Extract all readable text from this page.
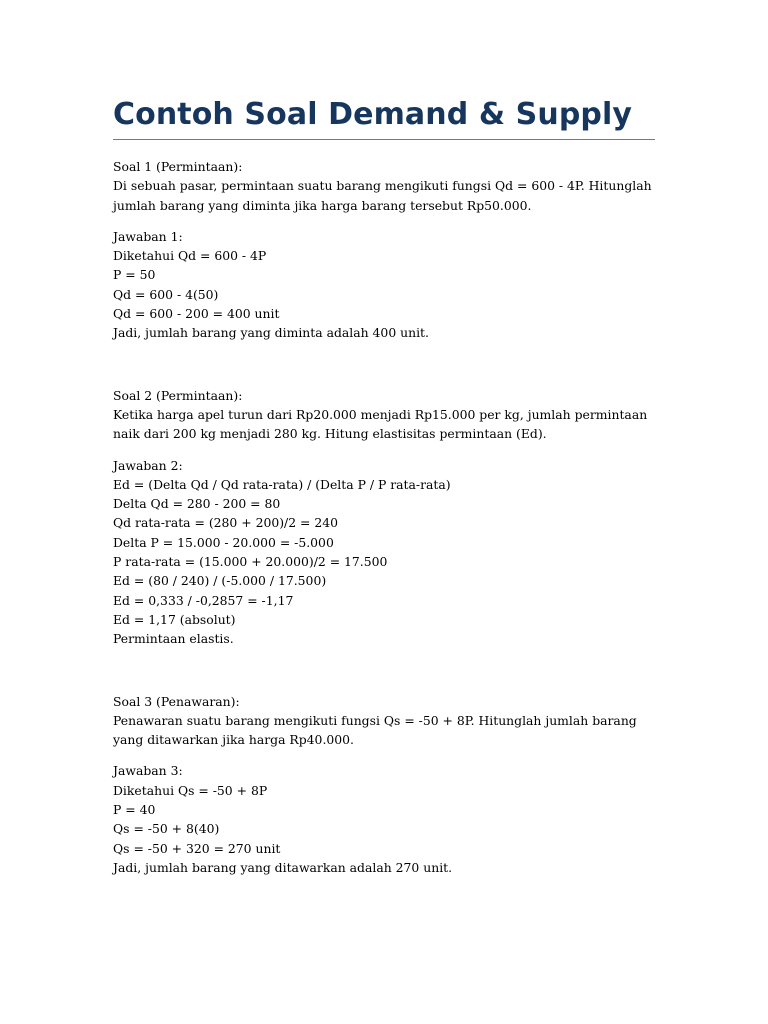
Contoh Soal Demand & Supply
Soal 1 (Permintaan):
Di sebuah pasar, permintaan suatu barang mengikuti fungsi Qd = 600 - 4P. Hitunglah jumlah barang yang diminta jika harga barang tersebut Rp50.000.
Jawaban 1:
Diketahui Qd = 600 - 4P
P = 50
Qd = 600 - 4(50)
Qd = 600 - 200 = 400 unit
Jadi, jumlah barang yang diminta adalah 400 unit.
Soal 2 (Permintaan):
Ketika harga apel turun dari Rp20.000 menjadi Rp15.000 per kg, jumlah permintaan naik dari 200 kg menjadi 280 kg. Hitung elastisitas permintaan (Ed).
Jawaban 2:
Ed = (Delta Qd / Qd rata-rata) / (Delta P / P rata-rata)
Delta Qd = 280 - 200 = 80
Qd rata-rata = (280 + 200)/2 = 240
Delta P = 15.000 - 20.000 = -5.000
P rata-rata = (15.000 + 20.000)/2 = 17.500
Ed = (80 / 240) / (-5.000 / 17.500)
Ed = 0,333 / -0,2857 = -1,17
Ed = 1,17 (absolut)
Permintaan elastis.
Soal 3 (Penawaran):
Penawaran suatu barang mengikuti fungsi Qs = -50 + 8P. Hitunglah jumlah barang yang ditawarkan jika harga Rp40.000.
Jawaban 3:
Diketahui Qs = -50 + 8P
P = 40
Qs = -50 + 8(40)
Qs = -50 + 320 = 270 unit
Jadi, jumlah barang yang ditawarkan adalah 270 unit.
